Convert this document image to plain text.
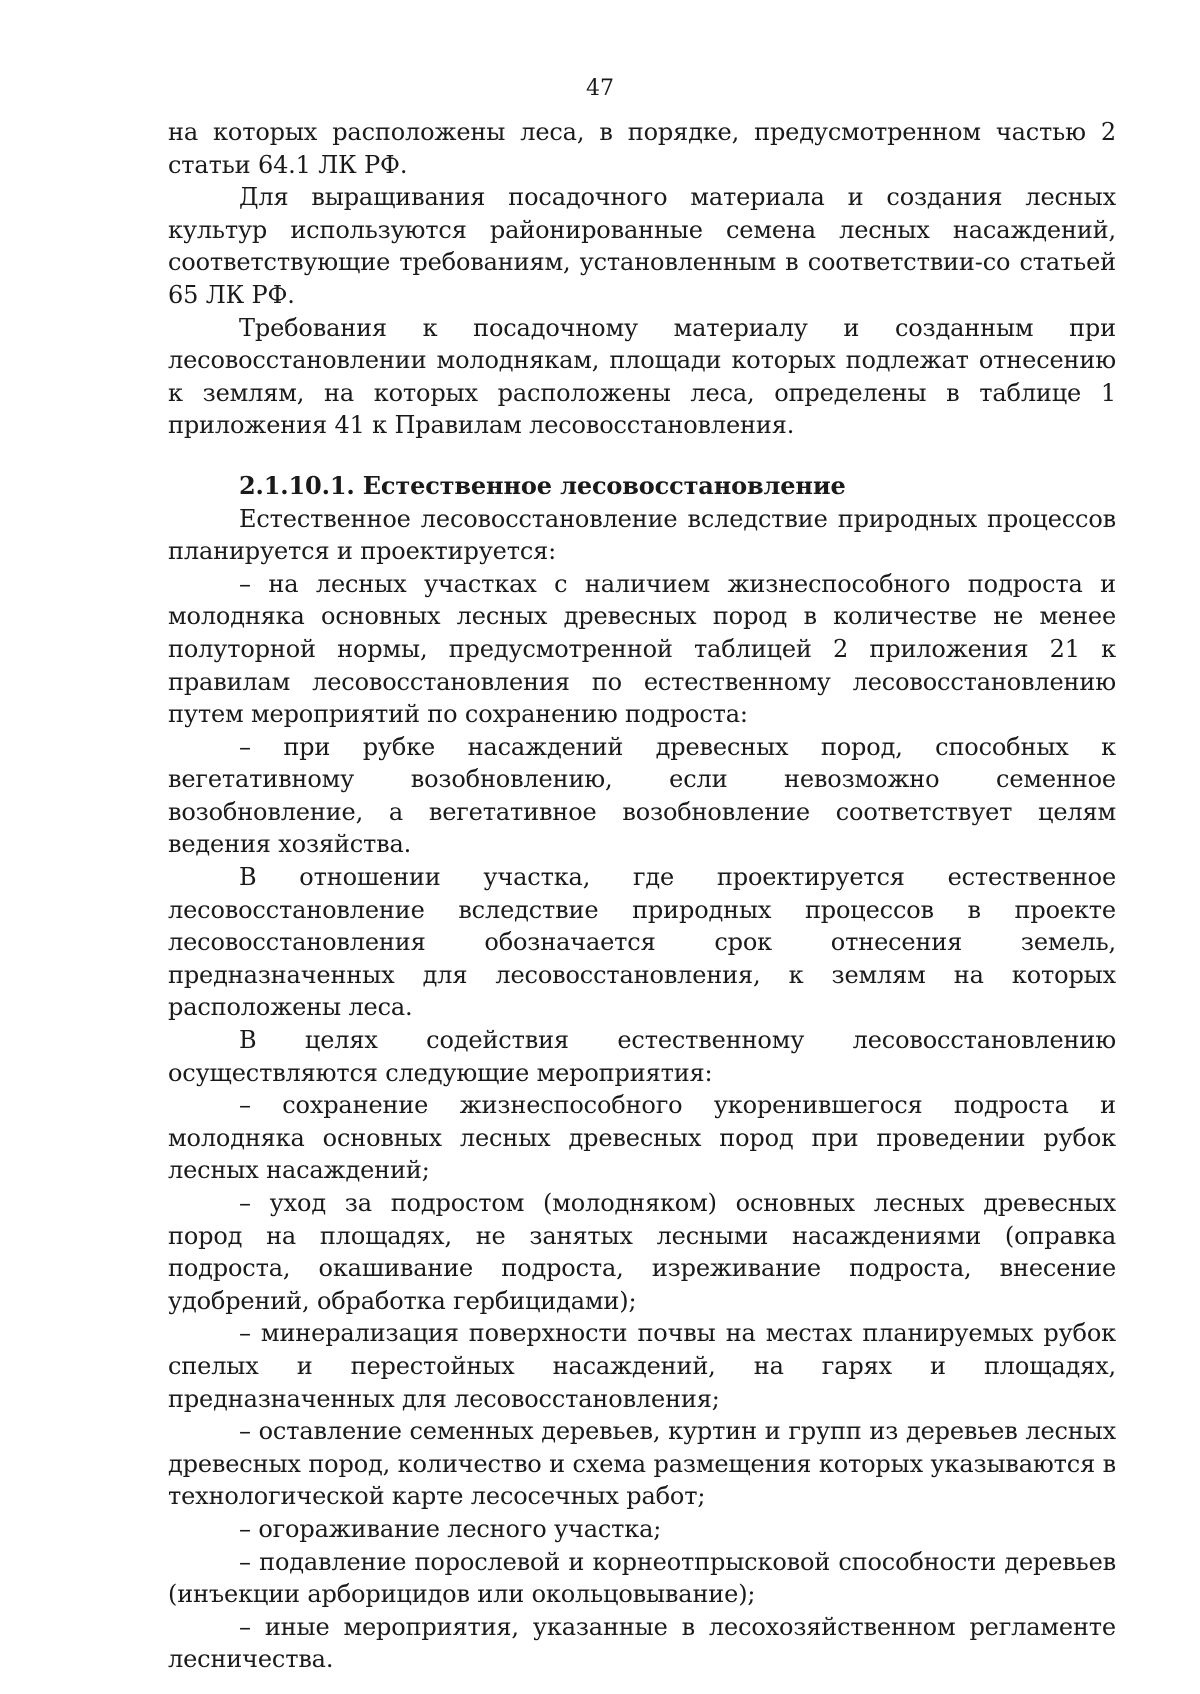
47

на которых расположены леса, в порядке, предусмотренном частью 2 статьи 64.1 ЛК РФ.

Для выращивания посадочного материала и создания лесных культур используются районированные семена лесных насаждений, соответствующие требованиям, установленным в соответствии-со статьей 65 ЛК РФ.

Требования к посадочному материалу и созданным при лесовосстановлении молоднякам, площади которых подлежат отнесению к землям, на которых расположены леса, определены в таблице 1 приложения 41 к Правилам лесовосстановления.

2.1.10.1. Естественное лесовосстановление

Естественное лесовосстановление вследствие природных процессов планируется и проектируется:

– на лесных участках с наличием жизнеспособного подроста и молодняка основных лесных древесных пород в количестве не менее полуторной нормы, предусмотренной таблицей 2 приложения 21 к правилам лесовосстановления по естественному лесовосстановлению путем мероприятий по сохранению подроста:

– при рубке насаждений древесных пород, способных к вегетативному возобновлению, если невозможно семенное возобновление, а вегетативное возобновление соответствует целям ведения хозяйства.

В отношении участка, где проектируется естественное лесовосстановление вследствие природных процессов в проекте лесовосстановления обозначается срок отнесения земель, предназначенных для лесовосстановления, к землям на которых расположены леса.

В целях содействия естественному лесовосстановлению осуществляются следующие мероприятия:

– сохранение жизнеспособного укоренившегося подроста и молодняка основных лесных древесных пород при проведении рубок лесных насаждений;

– уход за подростом (молодняком) основных лесных древесных пород на площадях, не занятых лесными насаждениями (оправка подроста, окашивание подроста, изреживание подроста, внесение удобрений, обработка гербицидами);

– минерализация поверхности почвы на местах планируемых рубок спелых и перестойных насаждений, на гарях и площадях, предназначенных для лесовосстановления;

– оставление семенных деревьев, куртин и групп из деревьев лесных древесных пород, количество и схема размещения которых указываются в технологической карте лесосечных работ;

– огораживание лесного участка;

– подавление порослевой и корнеотпрысковой способности деревьев (инъекции арборицидов или окольцовывание);

– иные мероприятия, указанные в лесохозяйственном регламенте лесничества.
